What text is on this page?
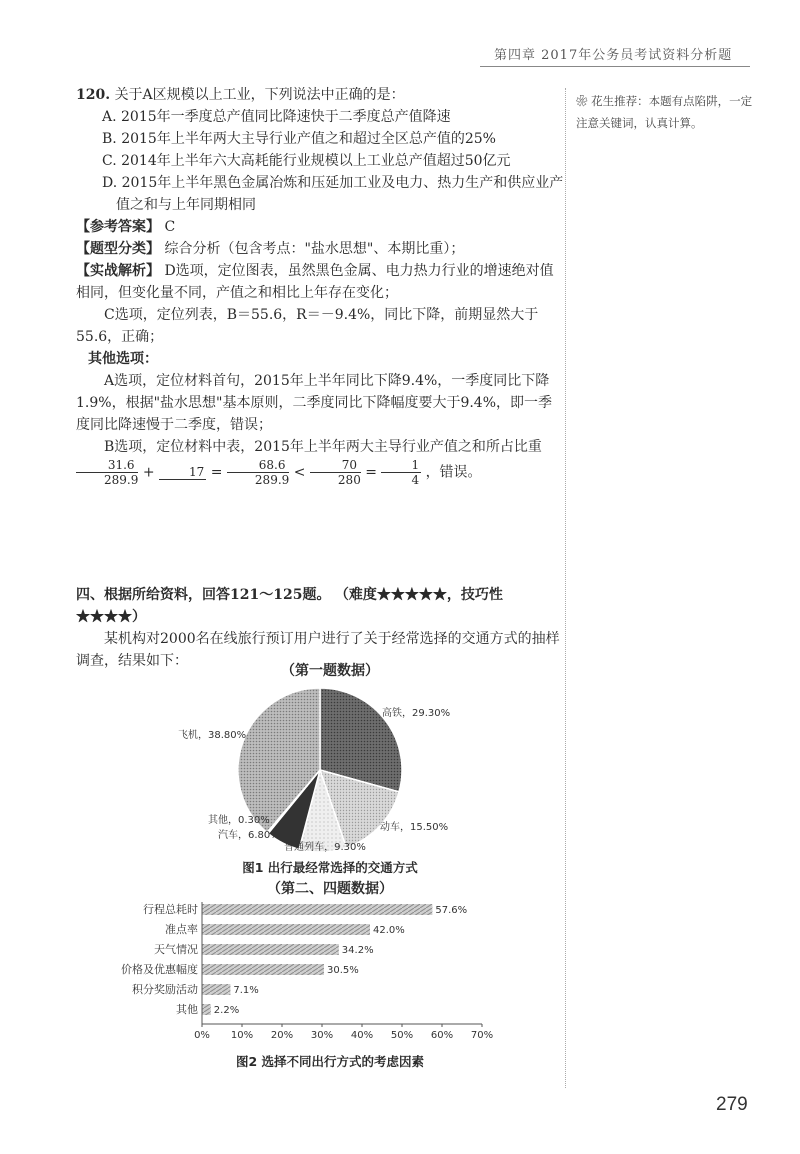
第四章 2017年公务员考试资料分析题
❀ 花生推荐：本题有点陷阱，一定注意关键词，认真计算。
120. 关于A区规模以上工业，下列说法中正确的是：
A. 2015年一季度总产值同比降速快于二季度总产值降速
B. 2015年上半年两大主导行业产值之和超过全区总产值的25%
C. 2014年上半年六大高耗能行业规模以上工业总产值超过50亿元
D. 2015年上半年黑色金属冶炼和压延加工业及电力、热力生产和供应业产值之和与上年同期相同
【参考答案】 C
【题型分类】 综合分析（包含考点："盐水思想"、本期比重）；
【实战解析】 D选项，定位图表，虽然黑色金属、电力热力行业的增速绝对值相同，但变化量不同，产值之和相比上年存在变化；
C选项，定位列表，B＝55.6，R＝－9.4%，同比下降，前期显然大于55.6，正确；
其他选项：
A选项，定位材料首句，2015年上半年同比下降9.4%，一季度同比下降1.9%，根据"盐水思想"基本原则，二季度同比下降幅度要大于9.4%，即一季度同比降速慢于二季度，错误；
B选项，定位材料中表，2015年上半年两大主导行业产值之和所占比重
$\frac{31.6}{289.9}$ +	$17 = \frac{68.6}{289.9} < \frac{70}{280} = \frac{1}{4}$ ，错误。
四、根据所给资料，回答121～125题。 （难度★★★★★，技巧性★★★★）
某机构对2000名在线旅行预订用户进行了关于经常选择的交通方式的抽样调查，结果如下：
（第一题数据）
高铁，29.30%
动车，15.50%
普通列车，9.30%
汽车，6.80%
其他，0.30%
飞机，38.80%
图1 出行最经常选择的交通方式
（第二、四题数据）
行程总耗时
准点率
天气情况
价格及优惠幅度
积分奖励活动
其他
57.6%
42.0%
34.2%
30.5%
7.1%
2.2%
0% 10% 20% 30% 40% 50% 60% 70%
图2 选择不同出行方式的考虑因素
279
